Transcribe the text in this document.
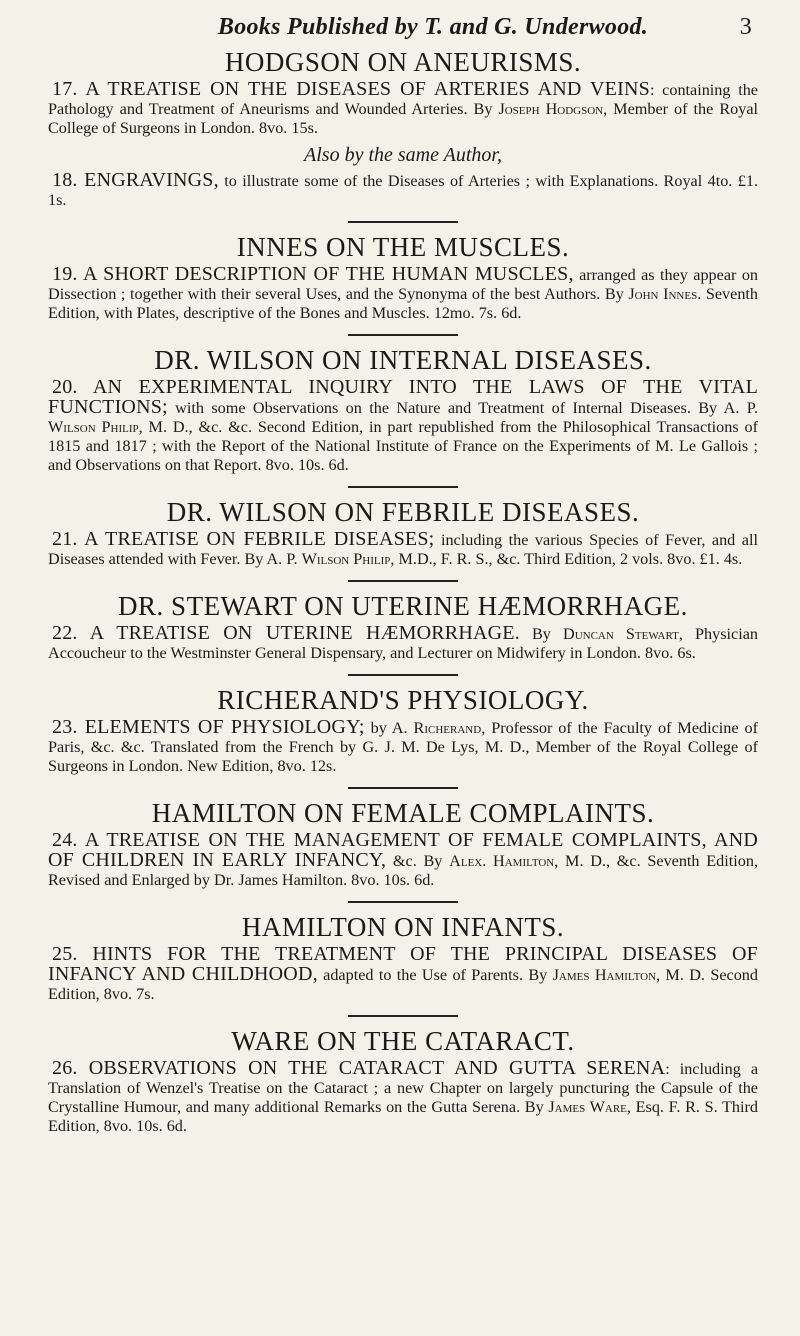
Books Published by T. and G. Underwood.	3
HODGSON ON ANEURISMS.

17. A TREATISE ON THE DISEASES OF ARTERIES AND VEINS: containing the Pathology and Treatment of Aneurisms and Wounded Arteries. By Joseph Hodgson, Member of the Royal College of Surgeons in London. 8vo. 15s.

Also by the same Author,

18. ENGRAVINGS, to illustrate some of the Diseases of Arteries ; with Explanations. Royal 4to. £1. 1s.

INNES ON THE MUSCLES.

19. A SHORT DESCRIPTION OF THE HUMAN MUSCLES, arranged as they appear on Dissection ; together with their several Uses, and the Synonyma of the best Authors. By John Innes. Seventh Edition, with Plates, descriptive of the Bones and Muscles. 12mo. 7s. 6d.

DR. WILSON ON INTERNAL DISEASES.

20. AN EXPERIMENTAL INQUIRY INTO THE LAWS OF THE VITAL FUNCTIONS; with some Observations on the Nature and Treatment of Internal Diseases. By A. P. Wilson Philip, M. D., &c. &c. Second Edition, in part republished from the Philosophical Transactions of 1815 and 1817 ; with the Report of the National Institute of France on the Experiments of M. Le Gallois ; and Observations on that Report. 8vo. 10s. 6d.

DR. WILSON ON FEBRILE DISEASES.

21. A TREATISE ON FEBRILE DISEASES; including the various Species of Fever, and all Diseases attended with Fever. By A. P. Wilson Philip, M.D., F. R. S., &c. Third Edition, 2 vols. 8vo. £1. 4s.

DR. STEWART ON UTERINE HÆMORRHAGE.

22. A TREATISE ON UTERINE HÆMORRHAGE. By Duncan Stewart, Physician Accoucheur to the Westminster General Dispensary, and Lecturer on Midwifery in London. 8vo. 6s.

RICHERAND'S PHYSIOLOGY.

23. ELEMENTS OF PHYSIOLOGY; by A. Richerand, Professor of the Faculty of Medicine of Paris, &c. &c. Translated from the French by G. J. M. De Lys, M. D., Member of the Royal College of Surgeons in London. New Edition, 8vo. 12s.

HAMILTON ON FEMALE COMPLAINTS.

24. A TREATISE ON THE MANAGEMENT OF FEMALE COMPLAINTS, AND OF CHILDREN IN EARLY INFANCY, &c. By Alex. Hamilton, M. D., &c. Seventh Edition, Revised and Enlarged by Dr. James Hamilton. 8vo. 10s. 6d.

HAMILTON ON INFANTS.

25. HINTS FOR THE TREATMENT OF THE PRINCIPAL DISEASES OF INFANCY AND CHILDHOOD, adapted to the Use of Parents. By James Hamilton, M. D. Second Edition, 8vo. 7s.

WARE ON THE CATARACT.

26. OBSERVATIONS ON THE CATARACT AND GUTTA SERENA: including a Translation of Wenzel's Treatise on the Cataract ; a new Chapter on largely puncturing the Capsule of the Crystalline Humour, and many additional Remarks on the Gutta Serena. By James Ware, Esq. F. R. S. Third Edition, 8vo. 10s. 6d.
